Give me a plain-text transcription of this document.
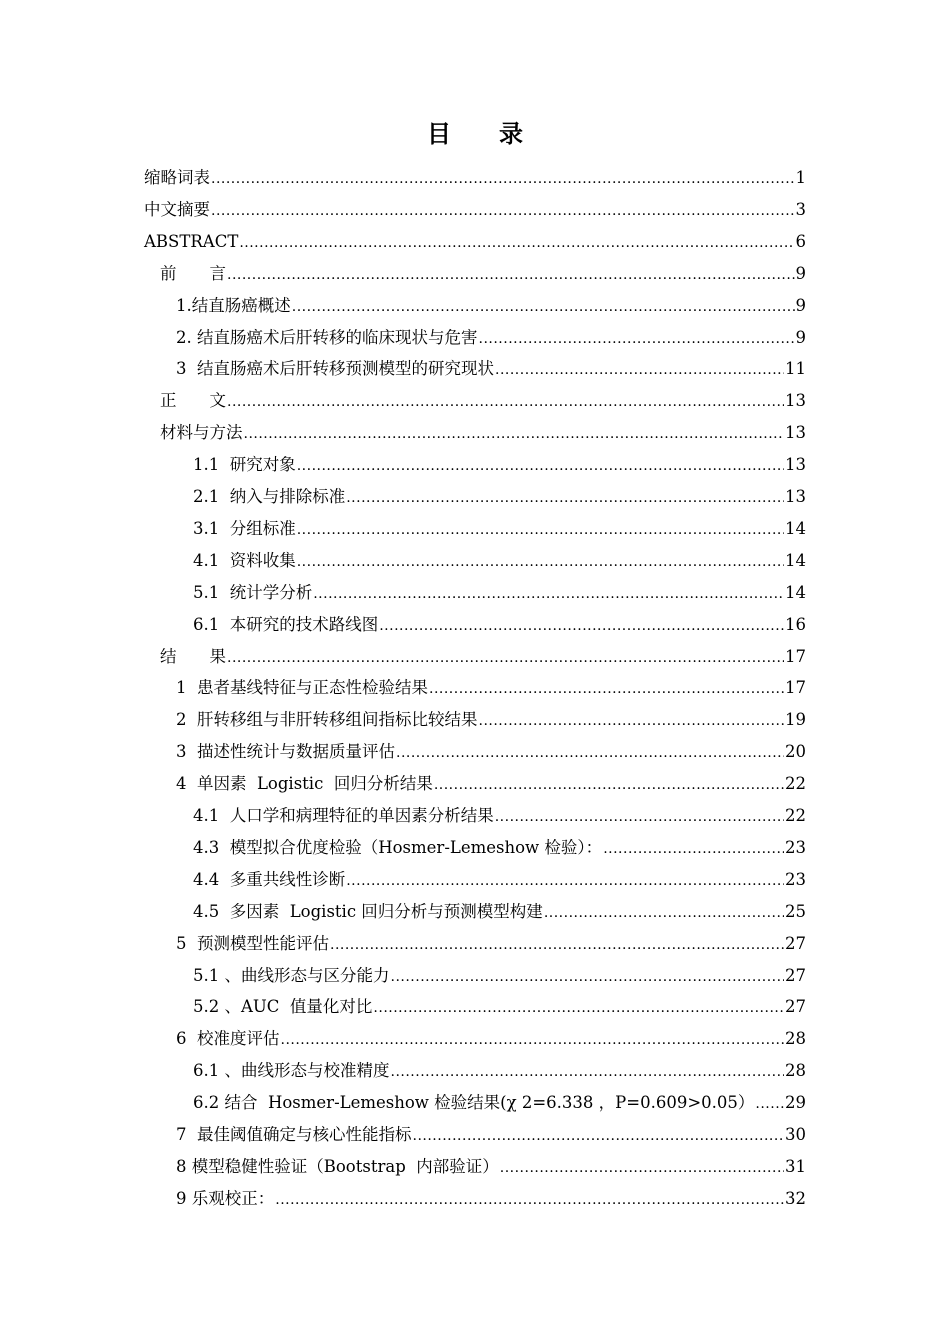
目 录
缩略词表 .....	1
中文摘要 .....	3
ABSTRACT .....	6
前　　言 .....	9
1.结直肠癌概述 .....	9
2. 结直肠癌术后肝转移的临床现状与危害 .....	9
3  结直肠癌术后肝转移预测模型的研究现状 .....	11
正　　文 .....	13
材料与方法 .....	13
1.1  研究对象 .....	13
2.1  纳入与排除标准 .....	13
3.1  分组标准 .....	14
4.1  资料收集 .....	14
5.1  统计学分析 .....	14
6.1  本研究的技术路线图 .....	16
结　　果 .....	17
1  患者基线特征与正态性检验结果 .....	17
2  肝转移组与非肝转移组间指标比较结果 .....	19
3  描述性统计与数据质量评估 .....	20
4  单因素  Logistic  回归分析结果 .....	22
4.1  人口学和病理特征的单因素分析结果 .....	22
4.3  模型拟合优度检验（Hosmer-Lemeshow 检验）： .....	23
4.4  多重共线性诊断 .....	23
4.5  多因素  Logistic 回归分析与预测模型构建 .....	25
5  预测模型性能评估 .....	27
5.1 、曲线形态与区分能力 .....	27
5.2 、AUC  值量化对比 .....	27
6  校准度评估 .....	28
6.1 、曲线形态与校准精度 .....	28
6.2 结合  Hosmer-Lemeshow 检验结果(χ 2=6.338 ，P=0.609>0.05） ..... 29
7  最佳阈值确定与核心性能指标 .....	30
8 模型稳健性验证（Bootstrap  内部验证） .....	31
9 乐观校正： .....	32
